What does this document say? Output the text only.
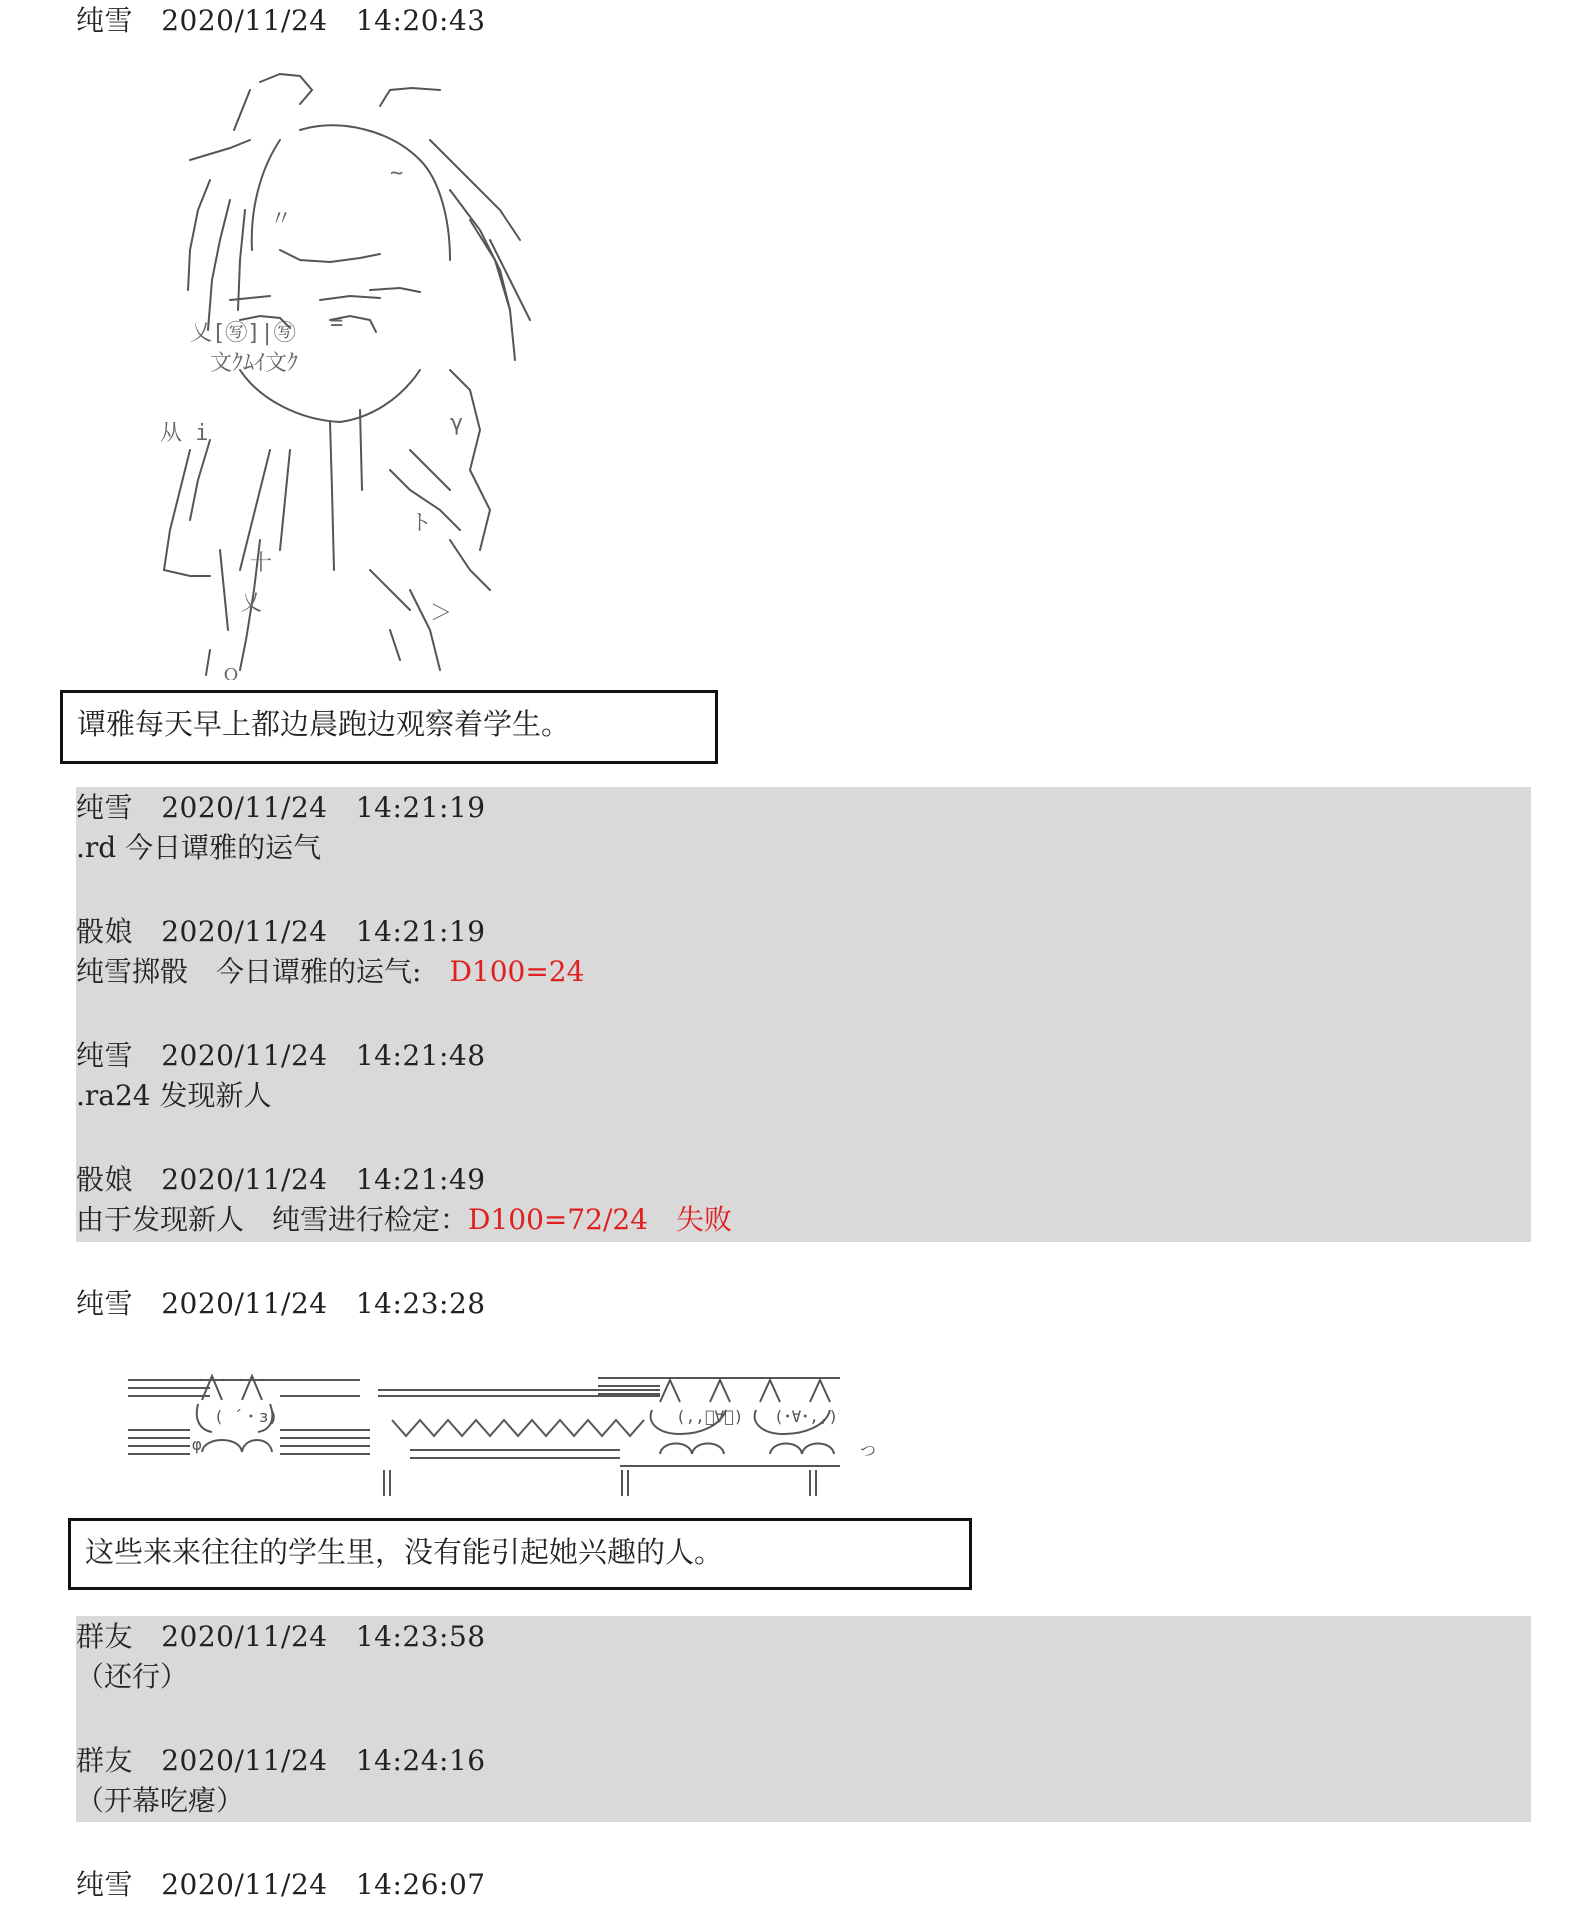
纯雪 2020/11/24 14:20:43
〃
~
=
文ｸﾑｲ文ｸ
乂[㊢]|㊢
从 i	γ
ト
十
乂
ｏ
＞
谭雅每天早上都边晨跑边观察着学生。
纯雪 2020/11/24 14:21:19
.rd 今日谭雅的运气
骰娘 2020/11/24 14:21:19
纯雪掷骰　今日谭雅的运气:　D100=24
纯雪 2020/11/24 14:21:48
.ra24 发现新人
骰娘 2020/11/24 14:21:49
由于发现新人　纯雪进行检定：D100=72/24　失败
纯雪 2020/11/24 14:23:28
( ´・з)	(,,ﾟ∀ﾟ) (･∀･,,)
φ	つ
这些来来往往的学生里，没有能引起她兴趣的人。
群友 2020/11/24 14:23:58
（还行）
群友 2020/11/24 14:24:16
（开幕吃瘪）
纯雪 2020/11/24 14:26:07
